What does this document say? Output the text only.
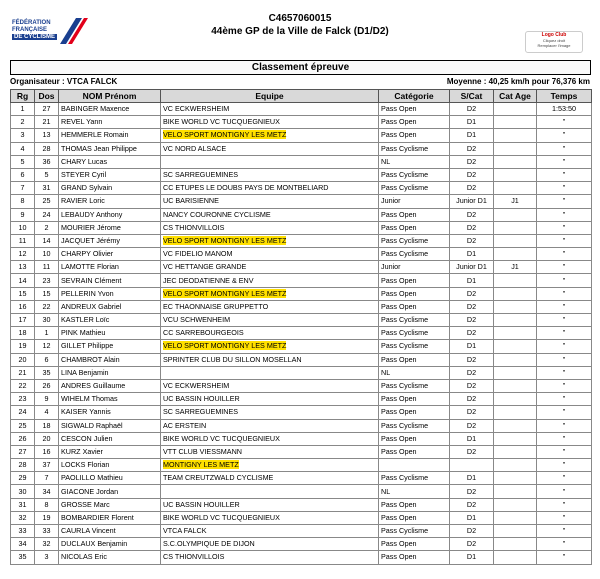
FÉDÉRATION
FRANÇAISE
DE CYCLISME
C4657060015
44ème GP de la Ville de Falck (D1/D2)	Logo Club
Cliquez droit
Remplacer l'image
Classement épreuve
Organisateur : VTCA FALCK	Moyenne : 40,25 km/h pour 76,376 km
Rg	Dos	NOM Prénom	Equipe	Catégorie	S/Cat	Cat Age	Temps
1	27	BABINGER Maxence	VC ECKWERSHEIM	Pass Open	D2		1:53:50
2	21	REVEL Yann	BIKE WORLD VC TUCQUEGNIEUX	Pass Open	D1		"
3	13	HEMMERLE Romain	VELO SPORT MONTIGNY LES METZ	Pass Open	D1		"
4	28	THOMAS Jean Philippe	VC NORD ALSACE	Pass Cyclisme	D2		"
5	36	CHARY Lucas		NL	D2		"
6	5	STEYER Cyril	SC SARREGUEMINES	Pass Cyclisme	D2		"
7	31	GRAND Sylvain	CC ETUPES LE DOUBS PAYS DE MONTBELIARD	Pass Cyclisme	D2		"
8	25	RAVIER Loric	UC BARISIENNE	Junior	Junior D1	J1	"
9	24	LEBAUDY Anthony	NANCY COURONNE CYCLISME	Pass Open	D2		"
10	2	MOURIER Jérome	CS THIONVILLOIS	Pass Open	D2		"
11	14	JACQUET Jérémy	VELO SPORT MONTIGNY LES METZ	Pass Cyclisme	D2		"
12	10	CHARPY Olivier	VC FIDELIO MANOM	Pass Cyclisme	D1		"
13	11	LAMOTTE Florian	VC HETTANGE GRANDE	Junior	Junior D1	J1	"
14	23	SEVRAIN Clément	JEC DEODATIENNE & ENV	Pass Open	D1		"
15	15	PELLERIN Yvon	VELO SPORT MONTIGNY LES METZ	Pass Open	D2		"
16	22	ANDREUX Gabriel	EC THAONNAISE GRUPPETTO	Pass Open	D2		"
17	30	KASTLER Loïc	VCU SCHWENHEIM	Pass Cyclisme	D2		"
18	1	PINK Mathieu	CC SARREBOURGEOIS	Pass Cyclisme	D2		"
19	12	GILLET Philippe	VELO SPORT MONTIGNY LES METZ	Pass Cyclisme	D1		"
20	6	CHAMBROT Alain	SPRINTER CLUB DU SILLON MOSELLAN	Pass Open	D2		"
21	35	LINA Benjamin		NL	D2		"
22	26	ANDRES Guillaume	VC ECKWERSHEIM	Pass Cyclisme	D2		"
23	9	WIHELM Thomas	UC BASSIN HOUILLER	Pass Open	D2		"
24	4	KAISER Yannis	SC SARREGUEMINES	Pass Open	D2		"
25	18	SIGWALD Raphaël	AC ERSTEIN	Pass Cyclisme	D2		"
26	20	CESCON Julien	BIKE WORLD VC TUCQUEGNIEUX	Pass Open	D1		"
27	16	KURZ Xavier	VTT CLUB VIESSMANN	Pass Open	D2		"
28	37	LOCKS Florian	MONTIGNY LES METZ				"
29	7	PAOLILLO Mathieu	TEAM CREUTZWALD CYCLISME	Pass Cyclisme	D1		"
30	34	GIACONE Jordan		NL	D2		"
31	8	GROSSE Marc	UC BASSIN HOUILLER	Pass Open	D2		"
32	19	BOMBARDIER Florent	BIKE WORLD VC TUCQUEGNIEUX	Pass Open	D1		"
33	33	CAURLA Vincent	VTCA FALCK	Pass Cyclisme	D2		"
34	32	DUCLAUX Benjamin	S.C.OLYMPIQUE DE DIJON	Pass Open	D2		"
35	3	NICOLAS Eric	CS THIONVILLOIS	Pass Open	D1		"
